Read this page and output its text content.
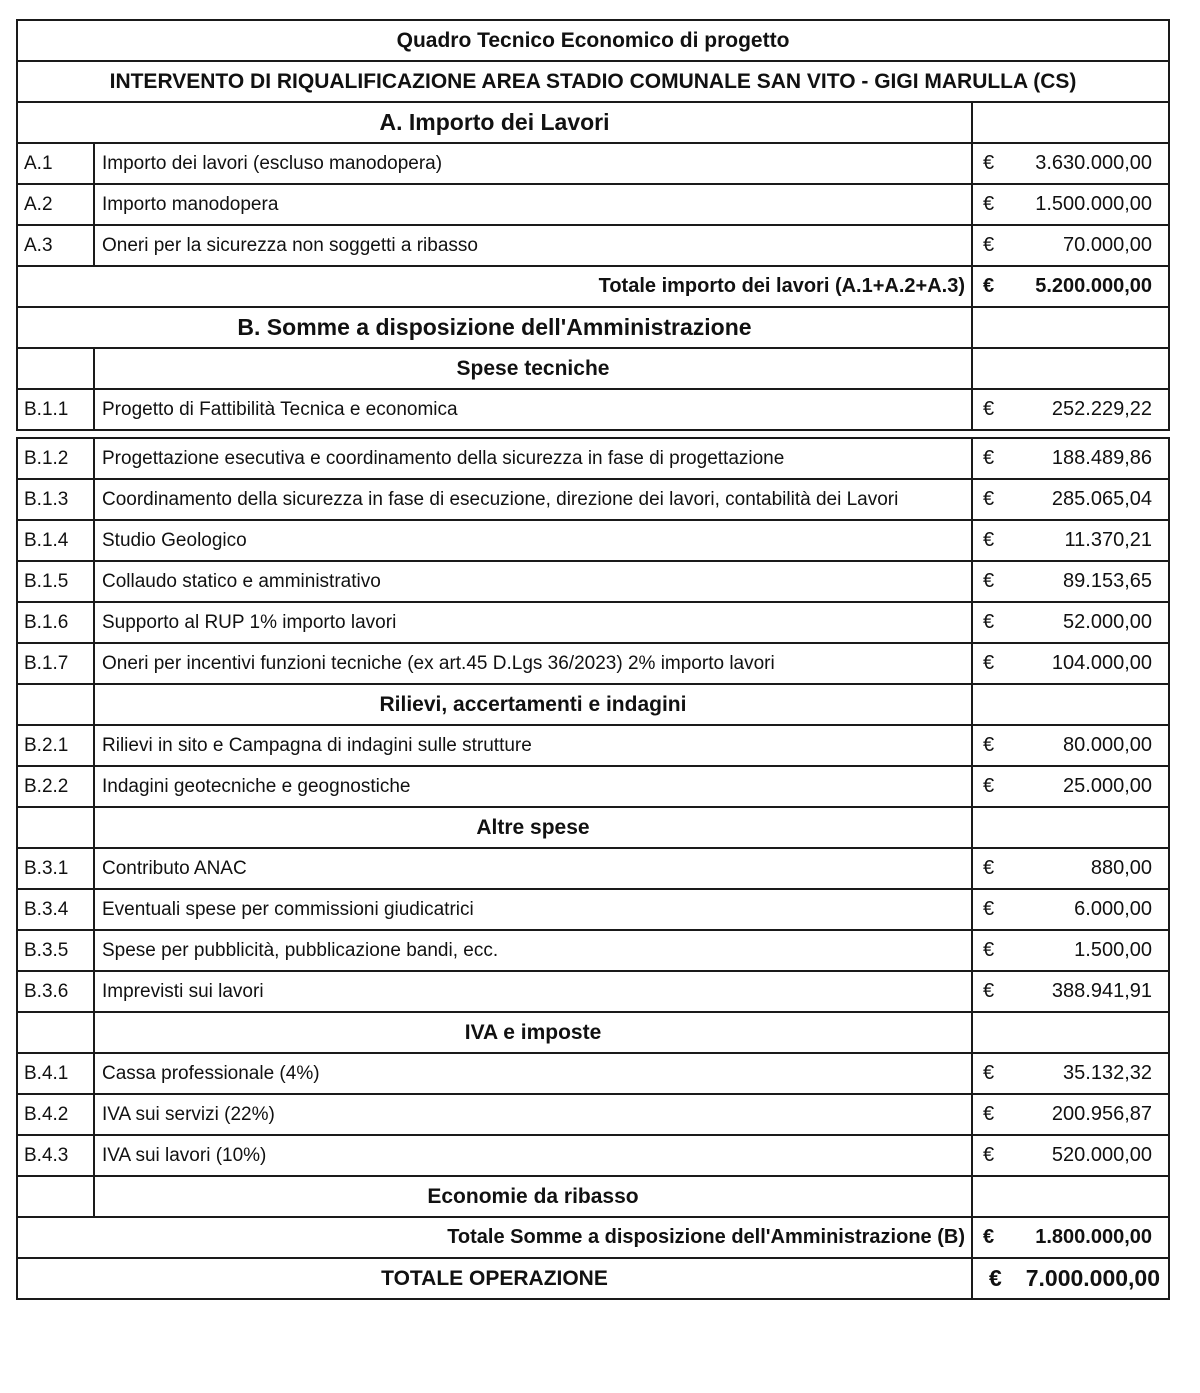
Quadro Tecnico Economico di progetto		
INTERVENTO DI RIQUALIFICAZIONE AREA STADIO COMUNALE SAN VITO - GIGI MARULLA (CS)		
A. Importo dei Lavori		
A.1	Importo dei lavori (escluso manodopera)	€ 3.630.000,00

A.2	Importo manodopera	€ 1.500.000,00

A.3	Oneri per la sicurezza non soggetti a ribasso	€ 70.000,00

Totale importo dei lavori (A.1+A.2+A.3)		€ 5.200.000,00

B. Somme a disposizione dell'Amministrazione		
	Spese tecniche	
B.1.1	Progetto di Fattibilità Tecnica e economica	€ 252.229,22

B.1.2	Progettazione esecutiva e coordinamento della sicurezza in fase di progettazione	€ 188.489,86

B.1.3	Coordinamento della sicurezza in fase di esecuzione, direzione dei lavori, contabilità dei Lavori	€ 285.065,04

B.1.4	Studio Geologico	€ 11.370,21

B.1.5	Collaudo statico e amministrativo	€ 89.153,65

B.1.6	Supporto al RUP 1% importo lavori	€ 52.000,00

B.1.7	Oneri per incentivi funzioni tecniche (ex art.45 D.Lgs 36/2023) 2% importo lavori	€ 104.000,00

	Rilievi, accertamenti e indagini	
B.2.1	Rilievi in sito e Campagna di indagini sulle strutture	€ 80.000,00

B.2.2	Indagini geotecniche e geognostiche	€ 25.000,00

	Altre spese	
B.3.1	Contributo ANAC	€ 880,00

B.3.4	Eventuali spese per commissioni giudicatrici	€ 6.000,00

B.3.5	Spese per pubblicità, pubblicazione bandi, ecc.	€ 1.500,00

B.3.6	Imprevisti sui lavori	€ 388.941,91

	IVA e imposte	
B.4.1	Cassa professionale (4%)	€ 35.132,32

B.4.2	IVA sui servizi (22%)	€ 200.956,87

B.4.3	IVA sui lavori (10%)	€ 520.000,00

	Economie da ribasso	
Totale Somme a disposizione dell'Amministrazione (B)		€ 1.800.000,00

TOTALE OPERAZIONE		€ 7.000.000,00
